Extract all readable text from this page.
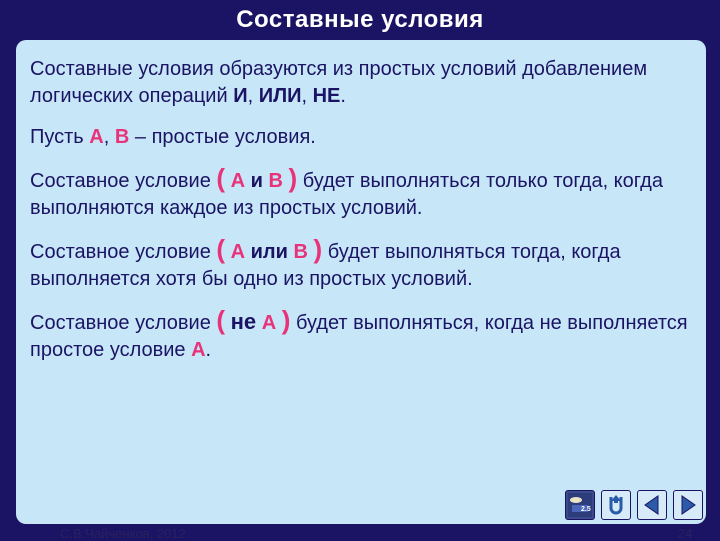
Составные условия

Составные условия образуются из простых условий добавлением логических операций И, ИЛИ, НЕ.

Пусть A, B – простые условия.

Составное условие ( A и B ) будет выполняться только тогда, когда выполняются каждое из простых условий.

Составное условие ( A или B ) будет выполняться тогда, когда выполняется хотя бы одно из простых условий.

Составное условие ( не A ) будет выполняться, когда не выполняется простое условие A.

2.5
С.В.Чайченков, 2012	24
